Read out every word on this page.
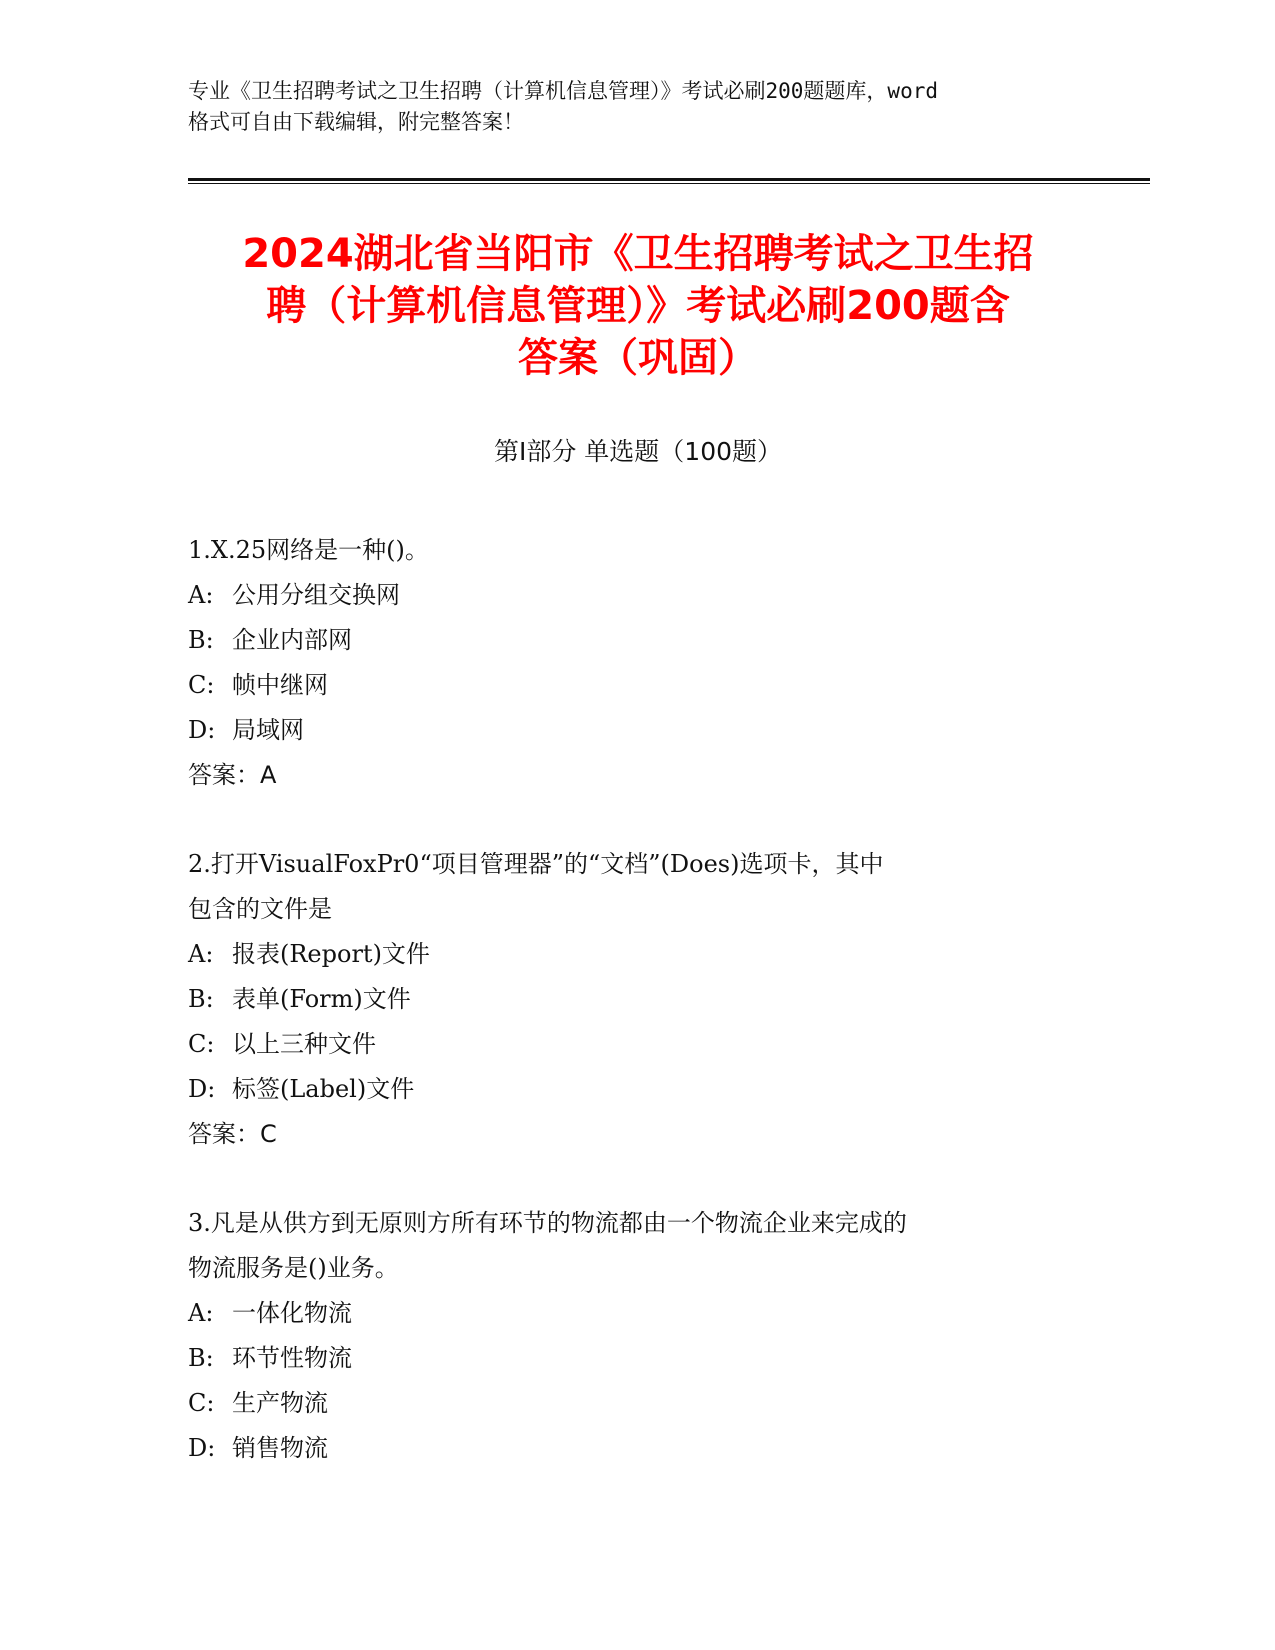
专业《卫生招聘考试之卫生招聘（计算机信息管理）》考试必刷200题题库，word
格式可自由下载编辑，附完整答案！
2024湖北省当阳市《卫生招聘考试之卫生招
聘（计算机信息管理）》考试必刷200题含
答案（巩固）
第Ⅰ部分 单选题（100题）
1.X.25网络是一种()。
A: 公用分组交换网
B: 企业内部网
C: 帧中继网
D: 局域网
答案：A
2.打开VisualFoxPr0“项目管理器”的“文档”(Does)选项卡，其中
包含的文件是
A: 报表(Report)文件
B: 表单(Form)文件
C: 以上三种文件
D: 标签(Label)文件
答案：C
3.凡是从供方到无原则方所有环节的物流都由一个物流企业来完成的
物流服务是()业务。
A: 一体化物流
B: 环节性物流
C: 生产物流
D: 销售物流
